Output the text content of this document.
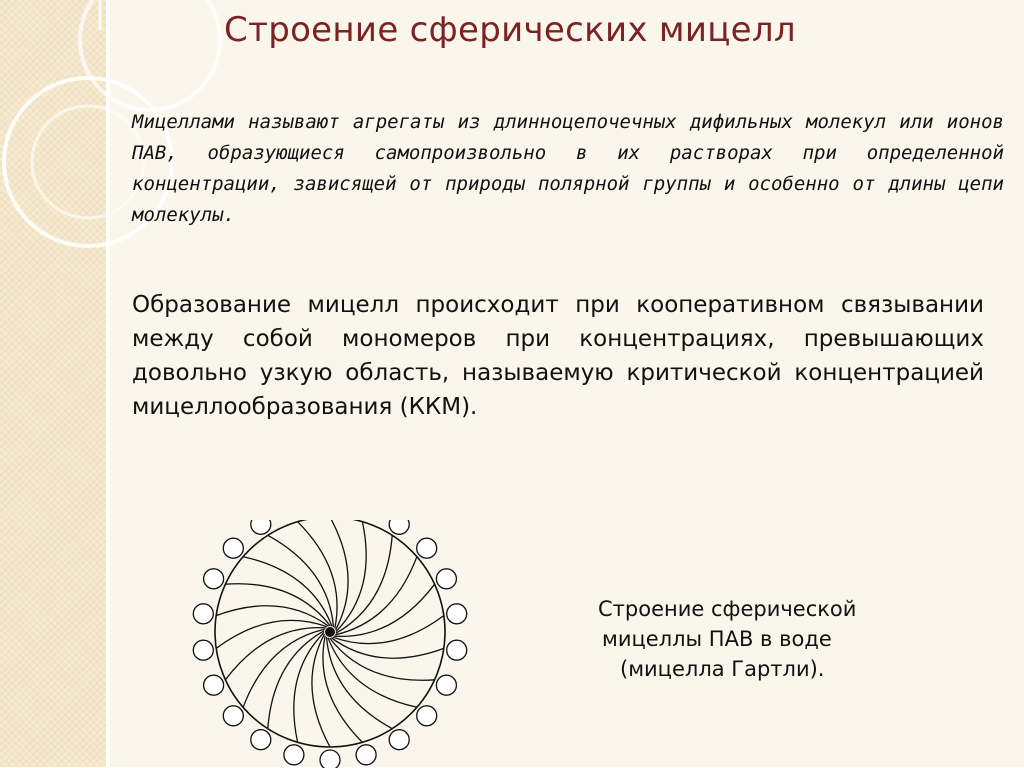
Строение сферических мицелл
Мицеллами называют агрегаты из длинноцепочечных дифильных молекул или ионов ПАВ, образующиеся самопроизвольно в их растворах при определенной концентрации, зависящей от природы полярной группы и особенно от длины цепи молекулы.
Образование мицелл происходит при кооперативном связывании между собой мономеров при концентрациях, превышающих довольно узкую область, называемую критической концентрацией мицеллообразования (ККМ).
Строение сферической
мицеллы ПАВ в воде
(мицелла Гартли).
